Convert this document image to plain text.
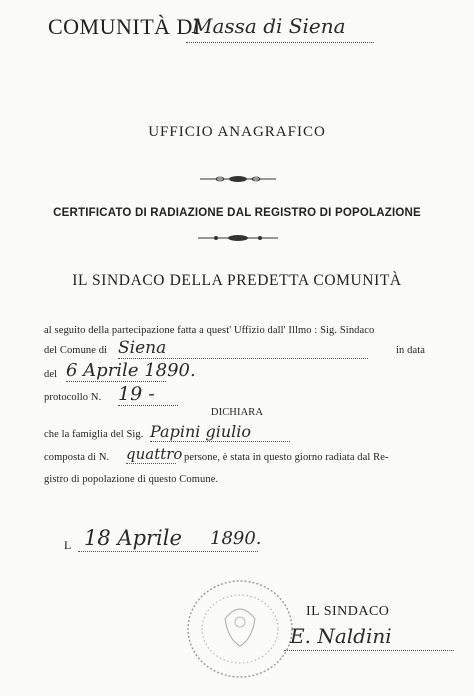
COMUNITÀ DI
Massa di Siena
UFFICIO ANAGRAFICO
CERTIFICATO DI RADIAZIONE DAL REGISTRO DI POPOLAZIONE
IL SINDACO DELLA PREDETTA COMUNITÀ
al seguito della partecipazione fatta a quest' Uffizio dall' Illmo : Sig. Sindaco
del Comune di Siena	in data
del 6 Aprile 1890.
protocollo N. 19 -
DICHIARA
che la famiglia del Sig. Papini giulio
composta di N. quattro persone, è stata in questo giorno radiata dal Re-
gistro di popolazione di questo Comune.
L 18 Aprile 1890.
IL SINDACO
E. Naldini
